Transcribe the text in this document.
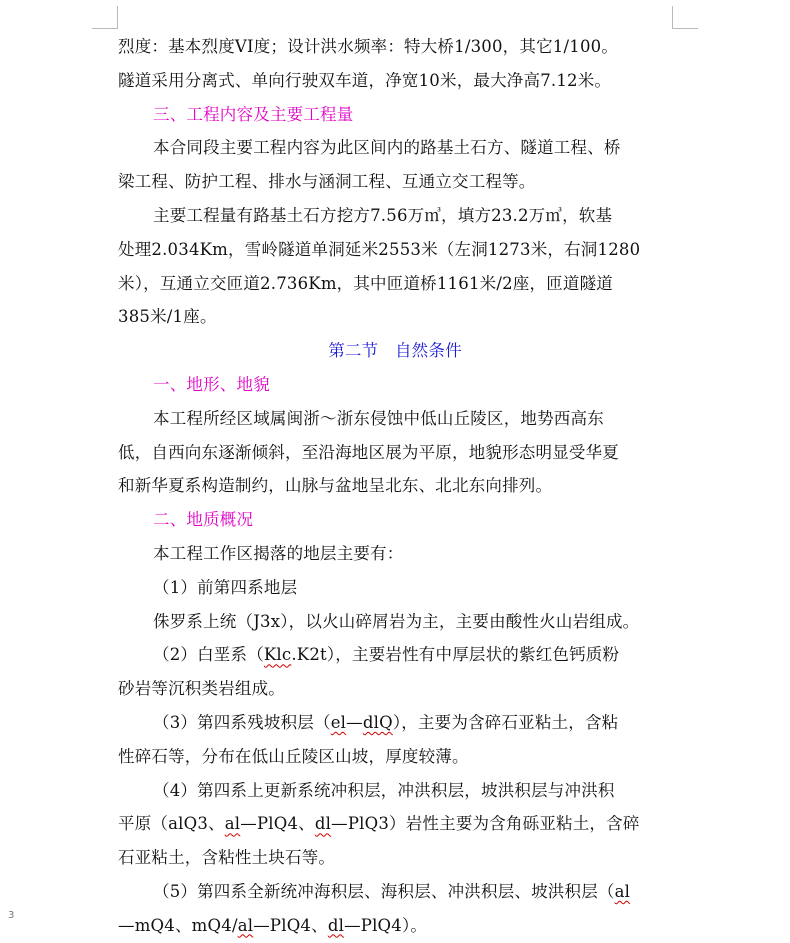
烈度：基本烈度VI度；设计洪水频率：特大桥1/300，其它1/100。
隧道采用分离式、单向行驶双车道，净宽10米，最大净高7.12米。
三、工程内容及主要工程量
本合同段主要工程内容为此区间内的路基土石方、隧道工程、桥
梁工程、防护工程、排水与涵洞工程、互通立交工程等。
主要工程量有路基土石方挖方7.56万㎥，填方23.2万㎥，软基
处理2.034Km，雪岭隧道单洞延米2553米（左洞1273米，右洞1280
米），互通立交匝道2.736Km，其中匝道桥1161米/2座，匝道隧道
385米/1座。
第二节　自然条件
一、地形、地貌
本工程所经区域属闽浙～浙东侵蚀中低山丘陵区，地势西高东
低，自西向东逐渐倾斜，至沿海地区展为平原，地貌形态明显受华夏
和新华夏系构造制约，山脉与盆地呈北东、北北东向排列。
二、地质概况
本工程工作区揭落的地层主要有：
（1）前第四系地层
侏罗系上统（J3x），以火山碎屑岩为主，主要由酸性火山岩组成。
（2）白垩系（Klc.K2t），主要岩性有中厚层状的紫红色钙质粉
砂岩等沉积类岩组成。
（3）第四系残坡积层（el—dlQ），主要为含碎石亚粘土，含粘
性碎石等，分布在低山丘陵区山坡，厚度较薄。
（4）第四系上更新系统冲积层，冲洪积层，坡洪积层与冲洪积
平原（alQ3、al—PlQ4、dl—PlQ3）岩性主要为含角砾亚粘土，含碎
石亚粘土，含粘性土块石等。
（5）第四系全新统冲海积层、海积层、冲洪积层、坡洪积层（al
—mQ4、mQ4/al—PlQ4、dl—PlQ4）。
3
